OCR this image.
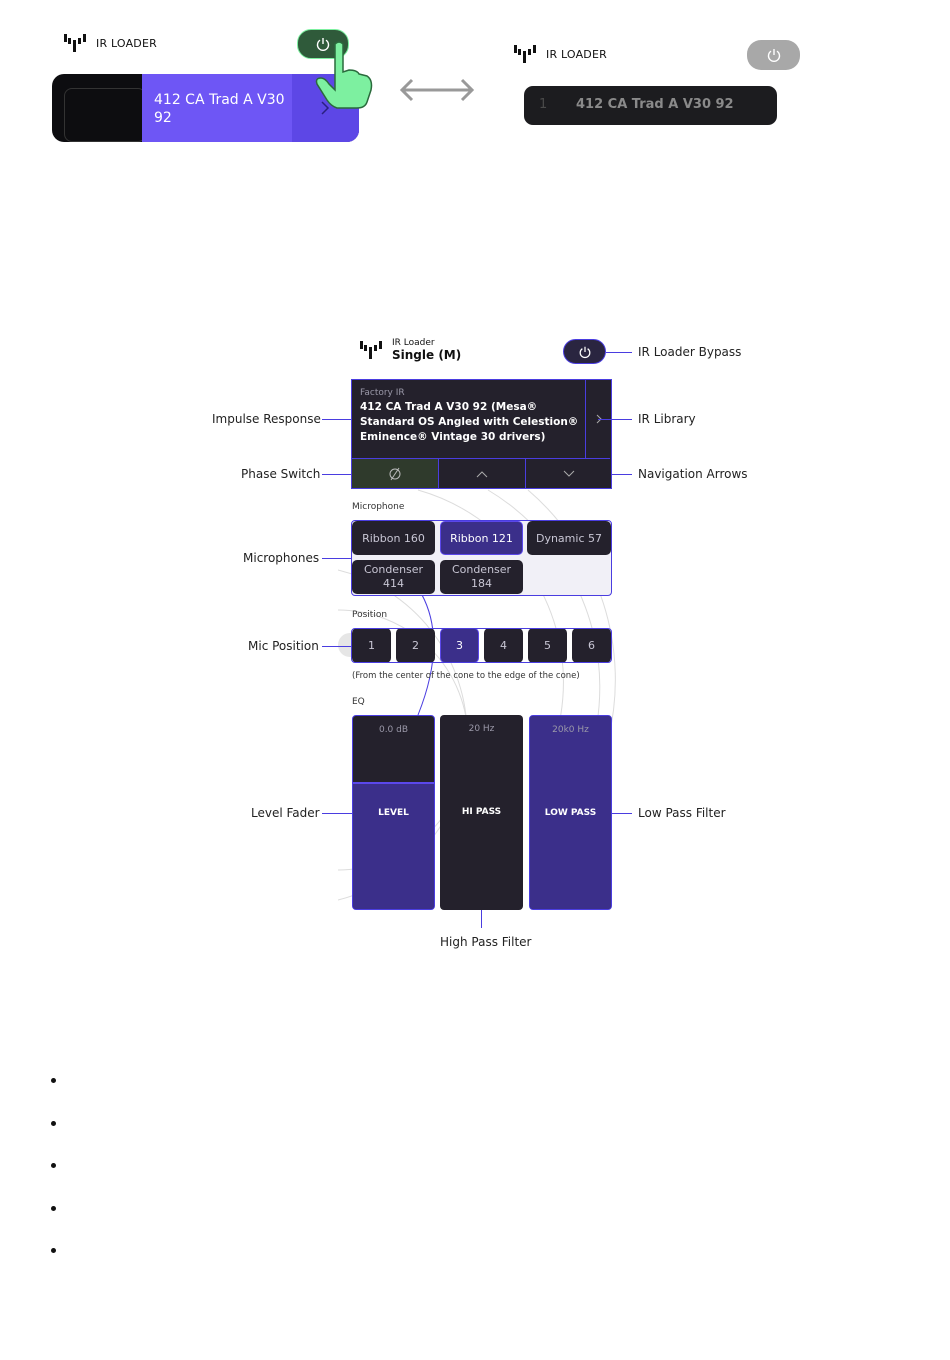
IR LOADER
412 CA Trad A V30
92
IR LOADER
1 412 CA Trad A V30 92
IR Loader
Single (M)
Factory IR
412 CA Trad A V30 92 (Mesa® Standard OS Angled with Celestion® Eminence® Vintage 30 drivers)
Microphone
Ribbon 160	Ribbon 121	Dynamic 57
Condenser 414
Condenser 184
Position
1	2	3	4	5	6
(From the center of the cone to the edge of the cone)
EQ
0.0 dB
LEVEL
20 Hz
HI PASS
20k0 Hz
LOW PASS
IR Loader Bypass
Impulse Response	IR Library
Phase Switch	Navigation Arrows
Microphones
Mic Position
Level Fader	Low Pass Filter
High Pass Filter
